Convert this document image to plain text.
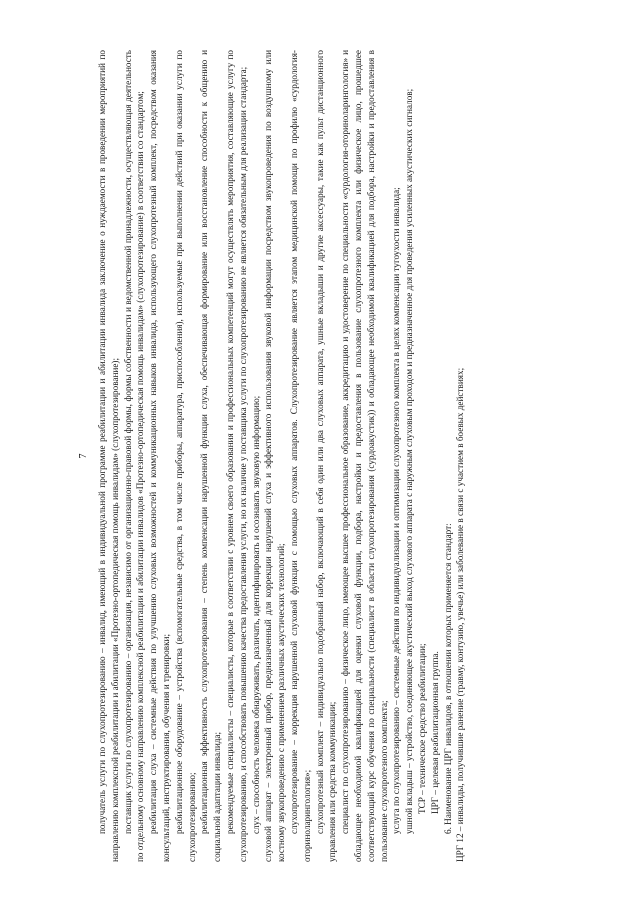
7 получатель услуги по слухопротезированию – инвалид, имеющий в индивидуальной программе реабилитации и абилитации инвалида заключение о нуждаемости в проведении мероприятий по направлению комплексной реабилитации и абилитации «Протезно-ортопедическая помощь инвалидам» (слухопротезирование); поставщик услуги по слухопротезированию – организация, независимо от организационно-правовой формы, формы собственности и ведомственной принадлежности, осуществляющая деятельность по отдельному основному направлению комплексной реабилитации и абилитации инвалидов «Протезно-ортопедическая помощь инвалидам» (слухопротезирование) в соответствии со стандартом; реабилитация слуха – системные действия по улучшению слуховых возможностей и коммуникационных навыков инвалида, использующего слухопротезный комплект, посредством оказания консультаций, инструктирования, обучения и тренировки; реабилитационное оборудование – устройства (вспомогательные средства, в том числе приборы, аппаратура, приспособления), используемые при выполнении действий при оказании услуги по слухопротезированию; реабилитационная эффективность слухопротезирования – степень компенсации нарушенной функции слуха, обеспечивающая формирование или восстановление способности к общению и социальной адаптации инвалида; рекомендуемые специалисты – специалисты, которые в соответствии с уровнем своего образования и профессиональных компетенций могут осуществлять мероприятия, составляющие услугу по слухопротезированию, и способствовать повышению качества предоставления услуги, но их наличие у поставщика услуги по слухопротезированию не является обязательным для реализации стандарта; слух – способность человека обнаруживать, различать, идентифицировать и осознавать звуковую информацию; слуховой аппарат – электронный прибор, предназначенный для коррекции нарушений слуха и эффективного использования звуковой информации посредством звукопроведения по воздушному или костному звукопроведению с применением различных акустических технологий; слухопротезирование – коррекция нарушенной слуховой функции с помощью слуховых аппаратов. Слухопротезирование является этапом медицинской помощи по профилю «сурдология-оториноларингология»; слухопротезный комплект – индивидуально подобранный набор, включающий в себя один или два слуховых аппарата, ушные вкладыши и другие аксессуары, такие как пульт дистанционного управления или средства коммуникации; специалист по слухопротезированию – физическое лицо, имеющее высшее профессиональное образование, аккредитацию и удостоверение по специальности «сурдология-оториноларингология» и обладающее необходимой квалификацией для оценки слуховой функции, подбора, настройки и предоставления в пользование слухопротезного комплекта или физическое лицо, прошедшее соответствующий курс обучения по специальности (специалист в области слухопротезирования (сурдоакустик)) и обладающее необходимой квалификацией для подбора, настройки и предоставления в пользование слухопротезного комплекта; услуга по слухопротезированию – системные действия по индивидуализации и оптимизации слухопротезного комплекта в целях компенсации тугоухости инвалида; ушной вкладыш – устройство, соединяющее акустический выход слухового аппарата с наружным слуховым проходом и предназначенное для проведения усиленных акустических сигналов; ТСР – техническое средство реабилитации; ЦРГ – целевая реабилитационная группа. 6. Наименование ЦРГ инвалидов, в отношении которых применяется стандарт: ЦРГ 12 – инвалиды, получившие ранение (травму, контузию, увечье) или заболевание в связи с участием в боевых действиях;
